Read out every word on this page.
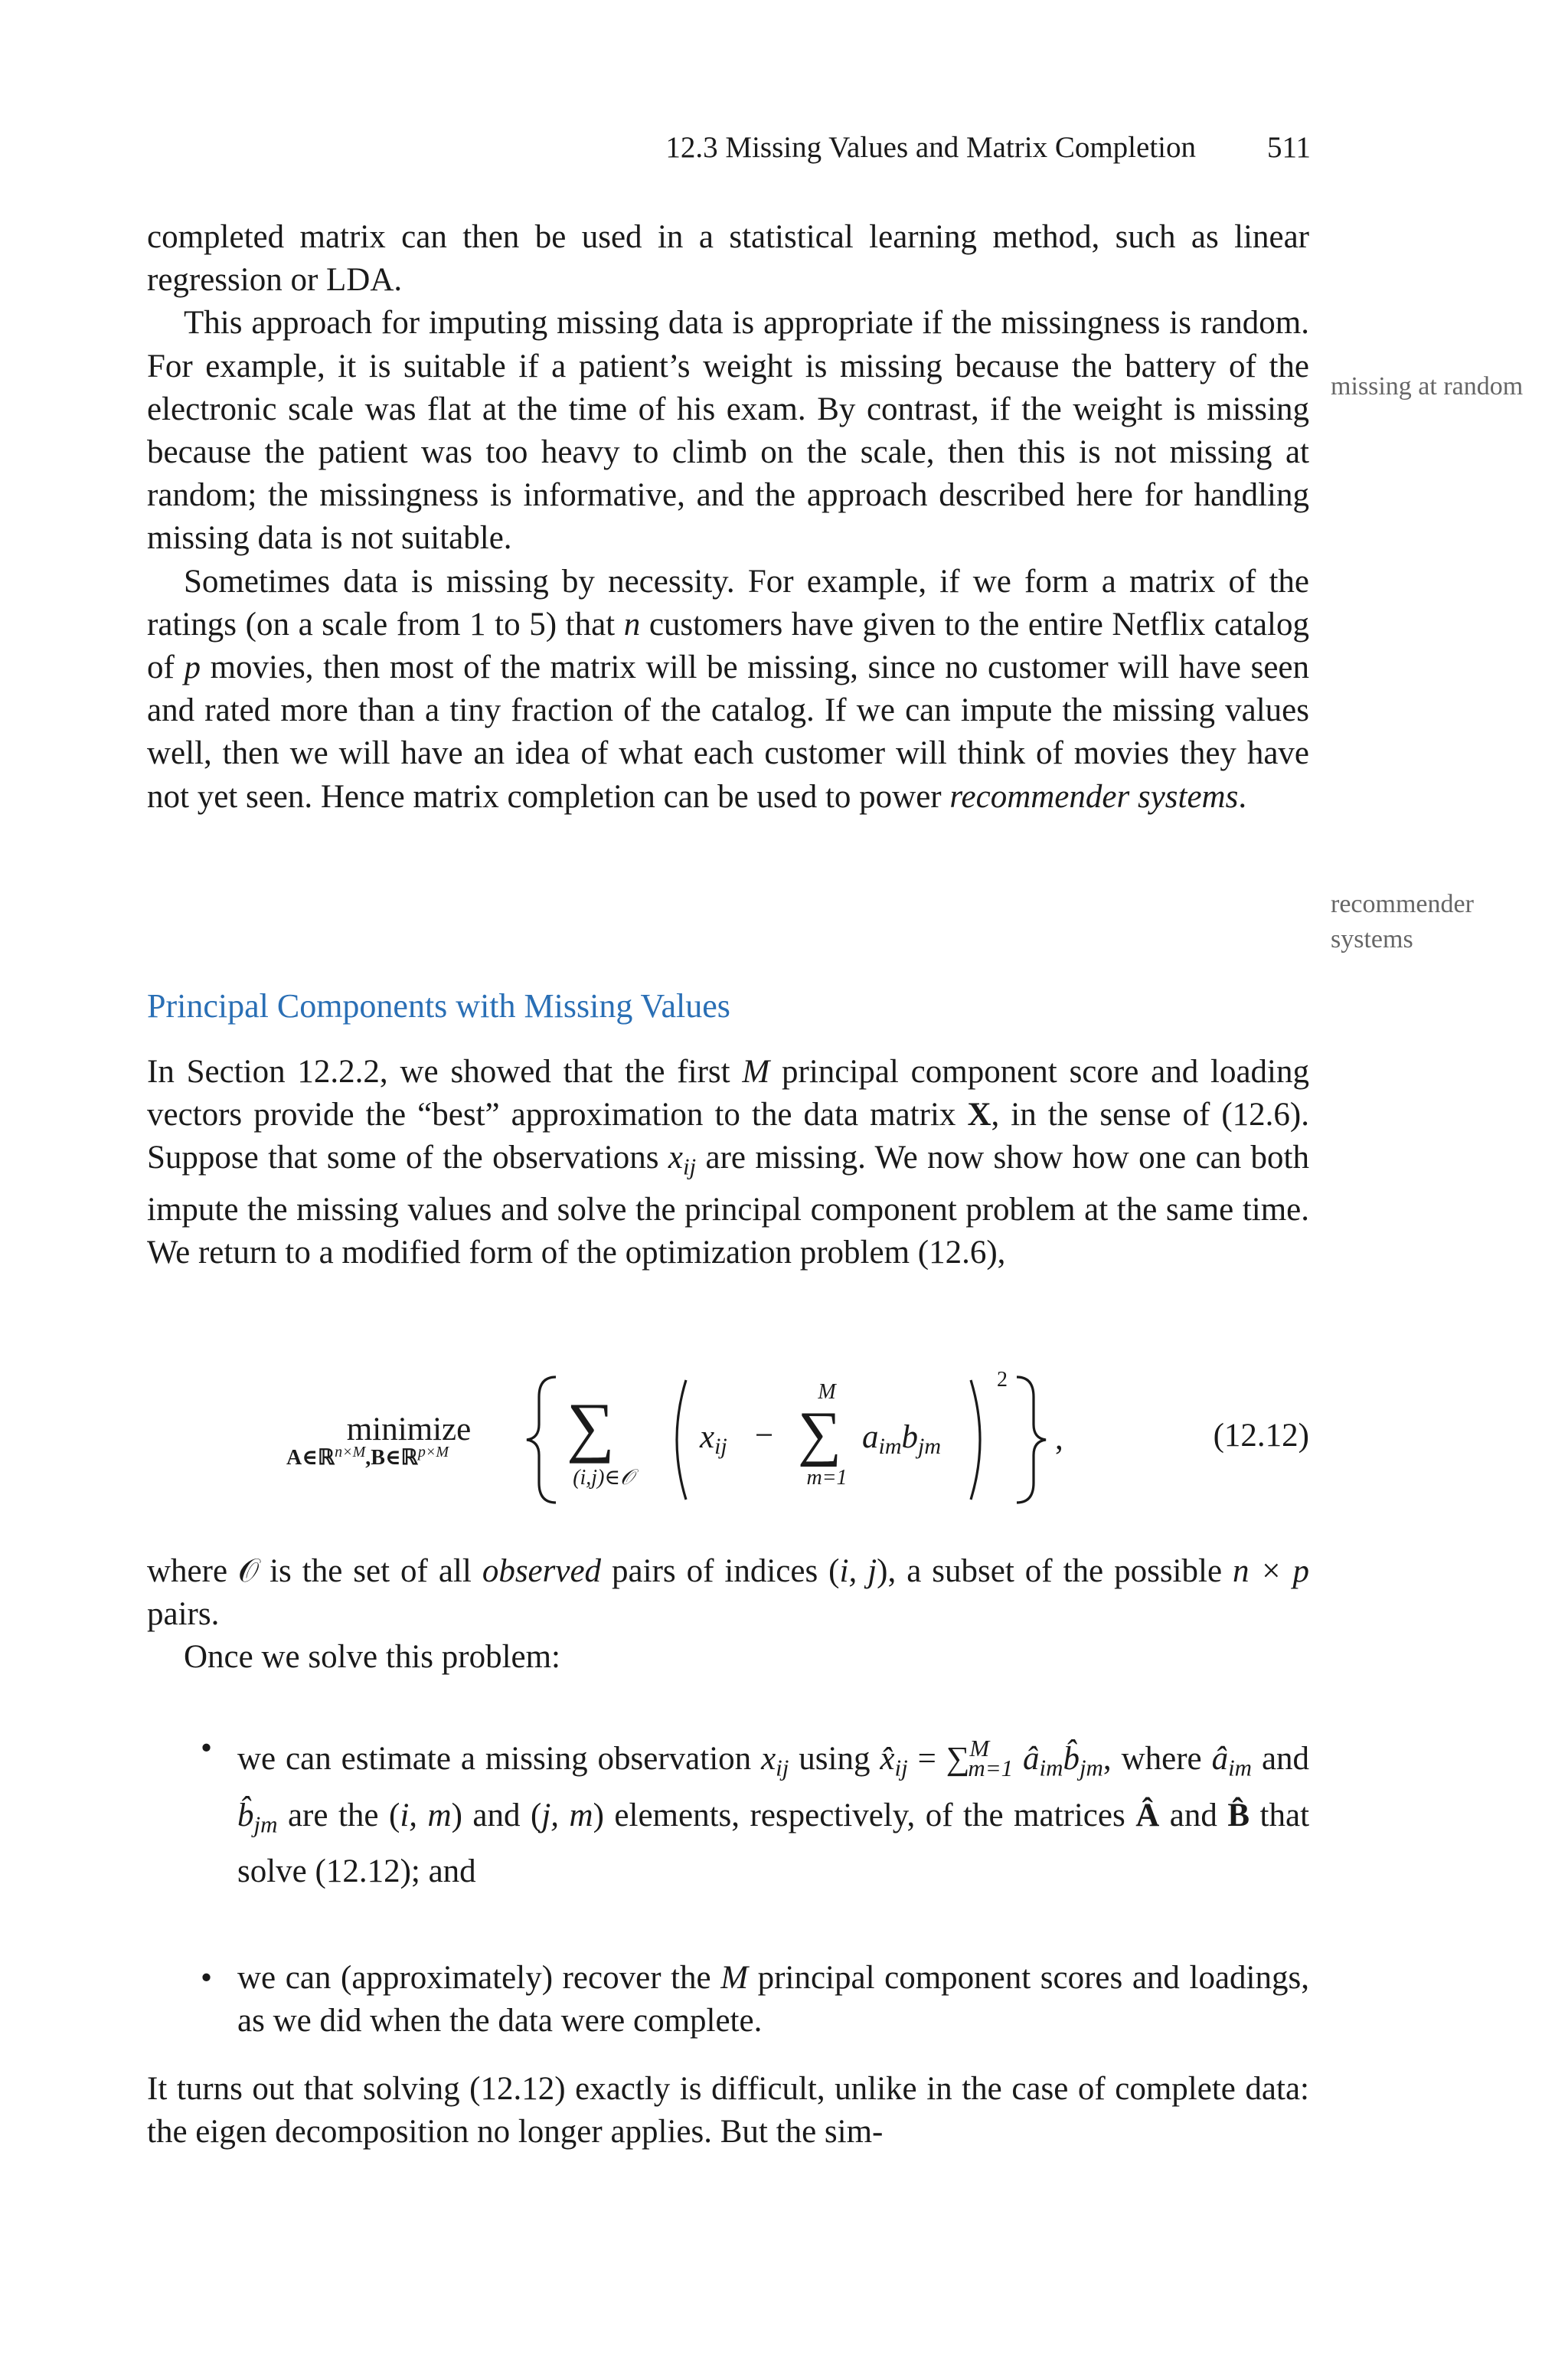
12.3 Missing Values and Matrix Completion 511

completed matrix can then be used in a statistical learning method, such as linear regression or LDA.

This approach for imputing missing data is appropriate if the missingness is random. For example, it is suitable if a patient’s weight is missing because the battery of the electronic scale was flat at the time of his exam. By contrast, if the weight is missing because the patient was too heavy to climb on the scale, then this is not missing at random; the missingness is informative, and the approach described here for handling missing data is not suitable.

Sometimes data is missing by necessity. For example, if we form a matrix of the ratings (on a scale from 1 to 5) that n customers have given to the entire Netflix catalog of p movies, then most of the matrix will be missing, since no customer will have seen and rated more than a tiny fraction of the catalog. If we can impute the missing values well, then we will have an idea of what each customer will think of movies they have not yet seen. Hence matrix completion can be used to power recommender systems.

missing at random
recommender systems
Principal Components with Missing Values

In Section 12.2.2, we showed that the first M principal component score and loading vectors provide the “best” approximation to the data matrix X, in the sense of (12.6). Suppose that some of the observations $x_{ij}$ are missing. We now show how one can both impute the missing values and solve the principal component problem at the same time. We return to a modified form of the optimization problem (12.6),

minimize
A∈ℝ$^{n\times M}$,B∈ℝ$^{p\times M}$ ∑
(i,j)∈𝒪
xij −
M
∑
m=1
aimbjm
2
,	(12.12)

where 𝒪 is the set of all observed pairs of indices (i, j), a subset of the possible n × p pairs.

Once we solve this problem:

• we can estimate a missing observation $x_{ij}$ using $x̂_{ij} = \sum^M_{m=1}$ $â_{im}b̂_{jm}$, where $â_{im}$ and $b̂_{jm}$ are the (i, m) and (j, m) elements, respectively, of the matrices Â and B̂ that solve (12.12); and
• we can (approximately) recover the M principal component scores and loadings, as we did when the data were complete.

It turns out that solving (12.12) exactly is difficult, unlike in the case of complete data: the eigen decomposition no longer applies. But the sim-
